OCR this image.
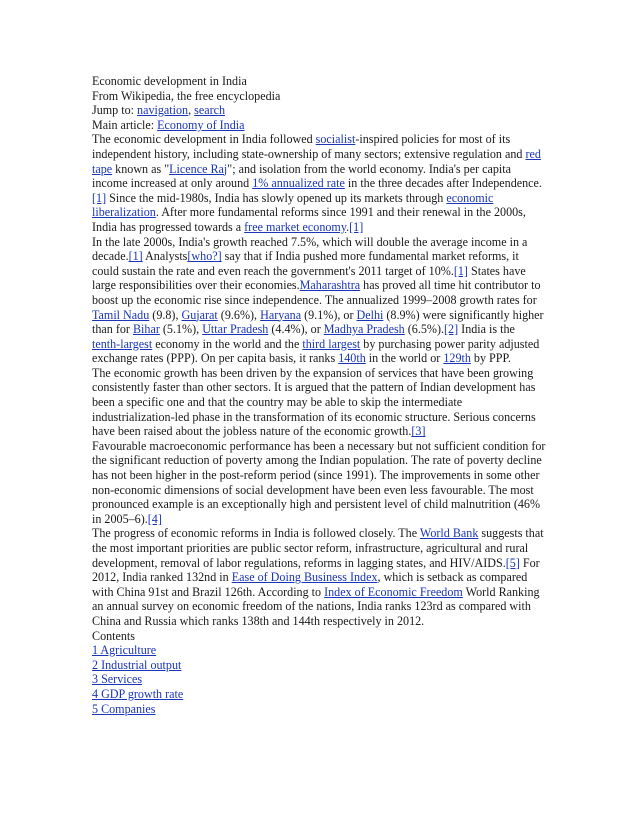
Economic development in India

From Wikipedia, the free encyclopedia

Jump to: navigation, search

Main article: Economy of India

The economic development in India followed socialist-inspired policies for most of its independent history, including state-ownership of many sectors; extensive regulation and red tape known as "Licence Raj"; and isolation from the world economy. India's per capita income increased at only around 1% annualized rate in the three decades after Independence.[1] Since the mid-1980s, India has slowly opened up its markets through economic liberalization. After more fundamental reforms since 1991 and their renewal in the 2000s, India has progressed towards a free market economy.[1]

In the late 2000s, India's growth reached 7.5%, which will double the average income in a decade.[1] Analysts[who?] say that if India pushed more fundamental market reforms, it could sustain the rate and even reach the government's 2011 target of 10%.[1] States have large responsibilities over their economies.Maharashtra has proved all time hit contributor to boost up the economic rise since independence. The annualized 1999–2008 growth rates for Tamil Nadu (9.8), Gujarat (9.6%), Haryana (9.1%), or Delhi (8.9%) were significantly higher than for Bihar (5.1%), Uttar Pradesh (4.4%), or Madhya Pradesh (6.5%).[2] India is the tenth-largest economy in the world and the third largest by purchasing power parity adjusted exchange rates (PPP). On per capita basis, it ranks 140th in the world or 129th by PPP.

The economic growth has been driven by the expansion of services that have been growing consistently faster than other sectors. It is argued that the pattern of Indian development has been a specific one and that the country may be able to skip the intermediate industrialization-led phase in the transformation of its economic structure. Serious concerns have been raised about the jobless nature of the economic growth.[3]

Favourable macroeconomic performance has been a necessary but not sufficient condition for the significant reduction of poverty among the Indian population. The rate of poverty decline has not been higher in the post-reform period (since 1991). The improvements in some other non-economic dimensions of social development have been even less favourable. The most pronounced example is an exceptionally high and persistent level of child malnutrition (46% in 2005–6).[4]

The progress of economic reforms in India is followed closely. The World Bank suggests that the most important priorities are public sector reform, infrastructure, agricultural and rural development, removal of labor regulations, reforms in lagging states, and HIV/AIDS.[5] For 2012, India ranked 132nd in Ease of Doing Business Index, which is setback as compared with China 91st and Brazil 126th. According to Index of Economic Freedom World Ranking an annual survey on economic freedom of the nations, India ranks 123rd as compared with China and Russia which ranks 138th and 144th respectively in 2012.

Contents

1 Agriculture

2 Industrial output

3 Services

4 GDP growth rate

5 Companies
